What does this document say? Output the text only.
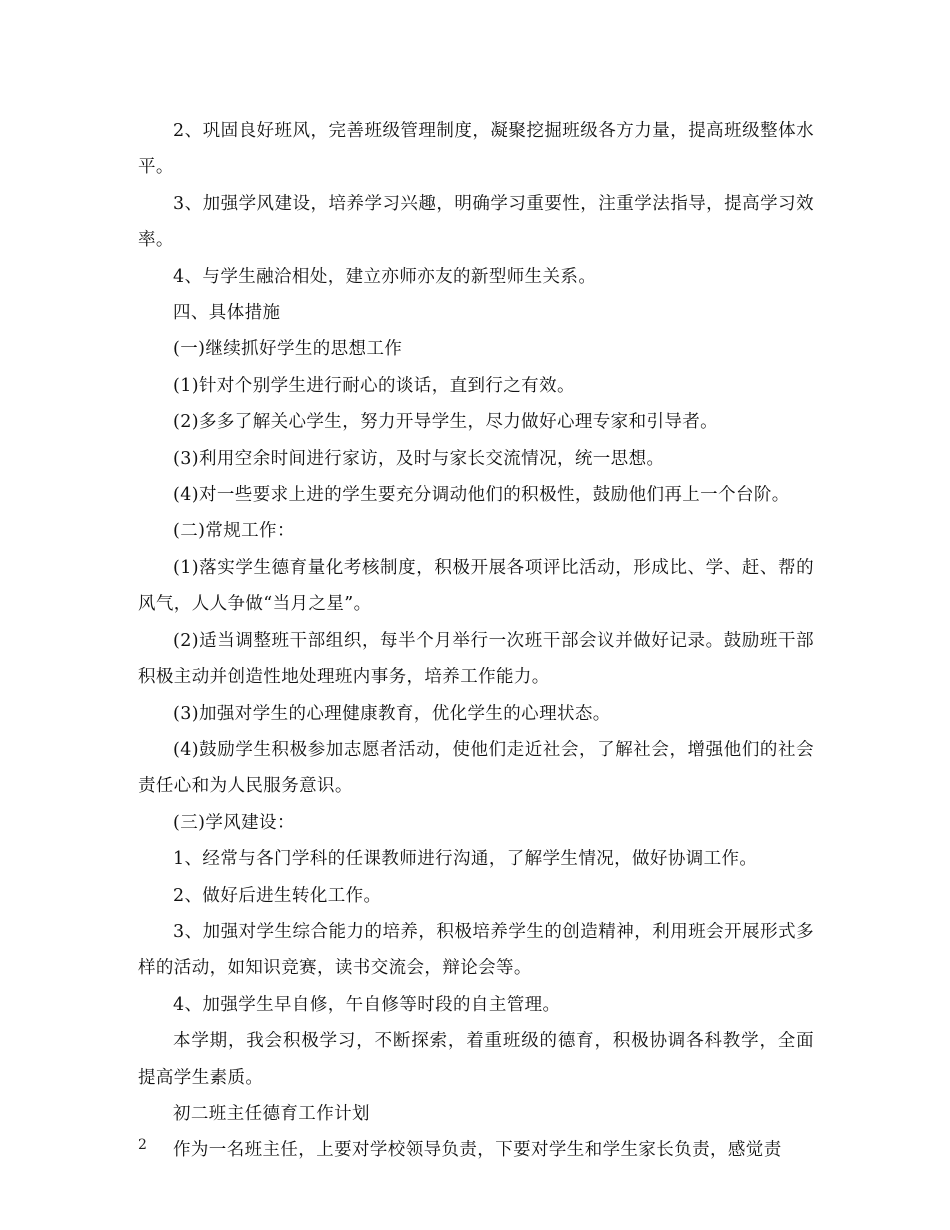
2、巩固良好班风，完善班级管理制度，凝聚挖掘班级各方力量，提高班级整体水平。

3、加强学风建设，培养学习兴趣，明确学习重要性，注重学法指导，提高学习效率。

4、与学生融洽相处，建立亦师亦友的新型师生关系。

四、具体措施

(一)继续抓好学生的思想工作

(1)针对个别学生进行耐心的谈话，直到行之有效。

(2)多多了解关心学生，努力开导学生，尽力做好心理专家和引导者。

(3)利用空余时间进行家访，及时与家长交流情况，统一思想。

(4)对一些要求上进的学生要充分调动他们的积极性，鼓励他们再上一个台阶。

(二)常规工作：

(1)落实学生德育量化考核制度，积极开展各项评比活动，形成比、学、赶、帮的风气，人人争做“当月之星”。

(2)适当调整班干部组织，每半个月举行一次班干部会议并做好记录。鼓励班干部积极主动并创造性地处理班内事务，培养工作能力。

(3)加强对学生的心理健康教育，优化学生的心理状态。

(4)鼓励学生积极参加志愿者活动，使他们走近社会，了解社会，增强他们的社会责任心和为人民服务意识。

(三)学风建设：

1、经常与各门学科的任课教师进行沟通，了解学生情况，做好协调工作。

2、做好后进生转化工作。

3、加强对学生综合能力的培养，积极培养学生的创造精神，利用班会开展形式多样的活动，如知识竞赛，读书交流会，辩论会等。

4、加强学生早自修，午自修等时段的自主管理。

本学期，我会积极学习，不断探索，着重班级的德育，积极协调各科教学，全面提高学生素质。

初二班主任德育工作计划

作为一名班主任，上要对学校领导负责，下要对学生和学生家长负责，感觉责

2
